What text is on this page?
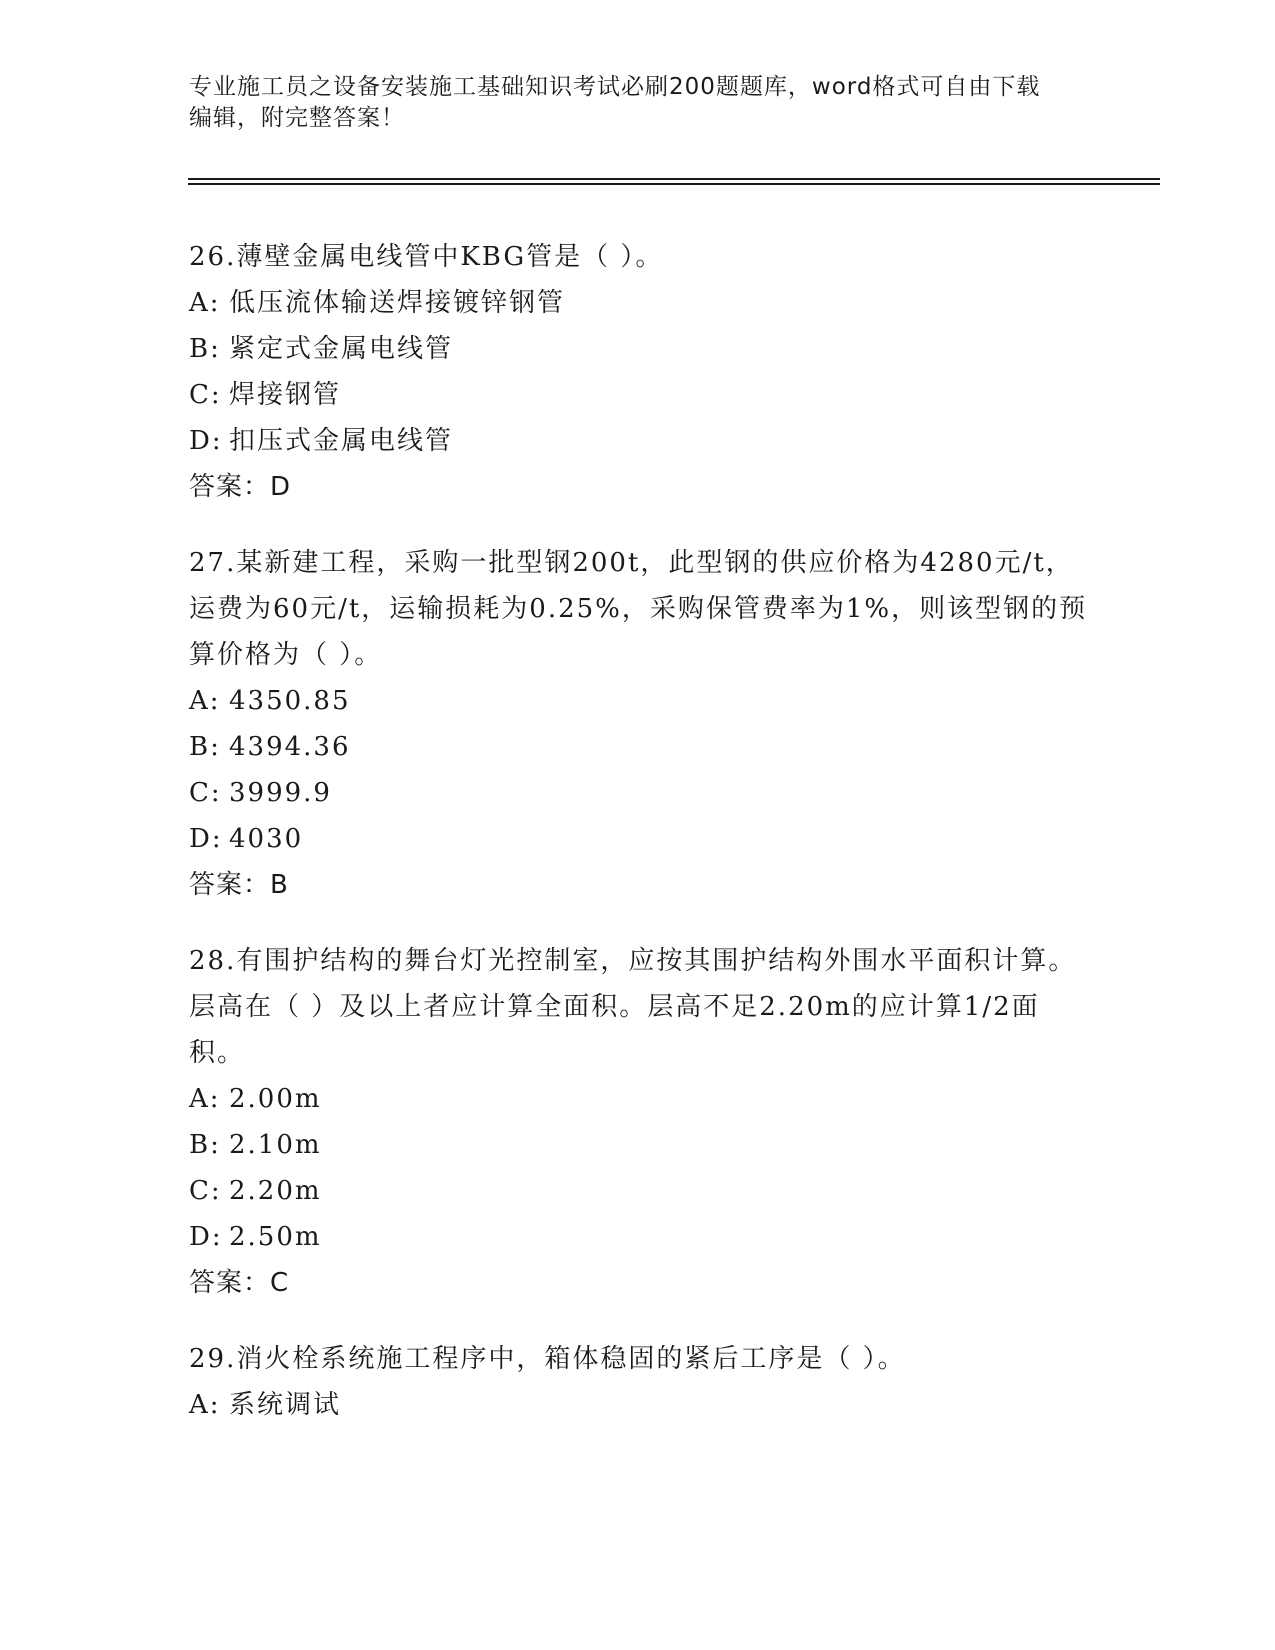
专业施工员之设备安装施工基础知识考试必刷200题题库，word格式可自由下载
编辑，附完整答案！
26.薄壁金属电线管中KBG管是（ ）。
A: 低压流体输送焊接镀锌钢管
B: 紧定式金属电线管
C: 焊接钢管
D: 扣压式金属电线管
答案：D
27.某新建工程，采购一批型钢200t，此型钢的供应价格为4280元/t，运费为60元/t，运输损耗为0.25%，采购保管费率为1%，则该型钢的预算价格为（ ）。
A: 4350.85
B: 4394.36
C: 3999.9
D: 4030
答案：B
28.有围护结构的舞台灯光控制室，应按其围护结构外围水平面积计算。层高在（ ）及以上者应计算全面积。层高不足2.20m的应计算1/2面积。
A: 2.00m
B: 2.10m
C: 2.20m
D: 2.50m
答案：C
29.消火栓系统施工程序中，箱体稳固的紧后工序是（ ）。
A: 系统调试
